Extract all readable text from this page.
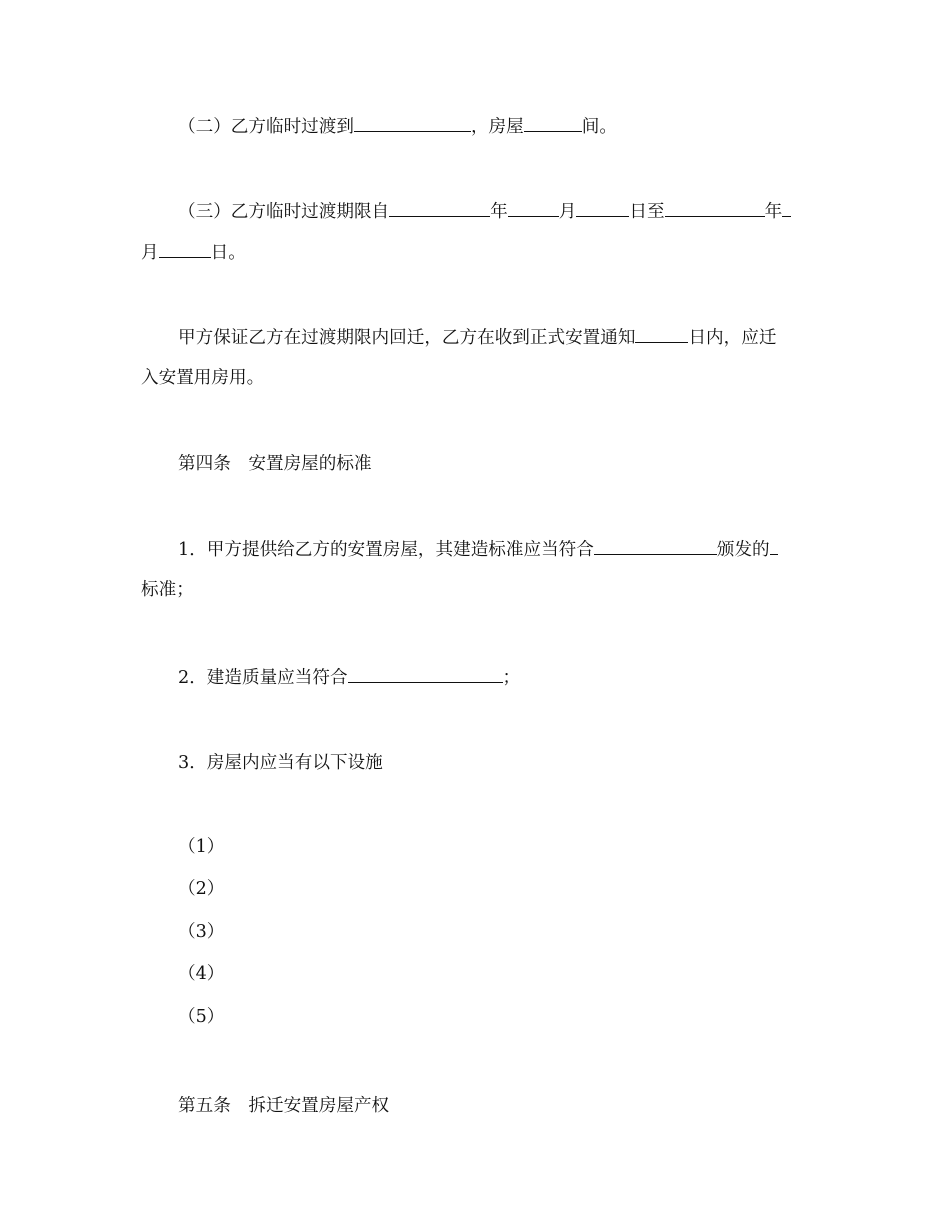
（二）乙方临时过渡到	，房屋	间。
（三）乙方临时过渡期限自	年	月	日至	年
月	日。
甲方保证乙方在过渡期限内回迁，乙方在收到正式安置通知	日内，应迁
入安置用房用。
第四条　安置房屋的标准
1．甲方提供给乙方的安置房屋，其建造标准应当符合	颁发的
标准；
2．建造质量应当符合	；
3．房屋内应当有以下设施
（1）
（2）
（3）
（4）
（5）
第五条　拆迁安置房屋产权
